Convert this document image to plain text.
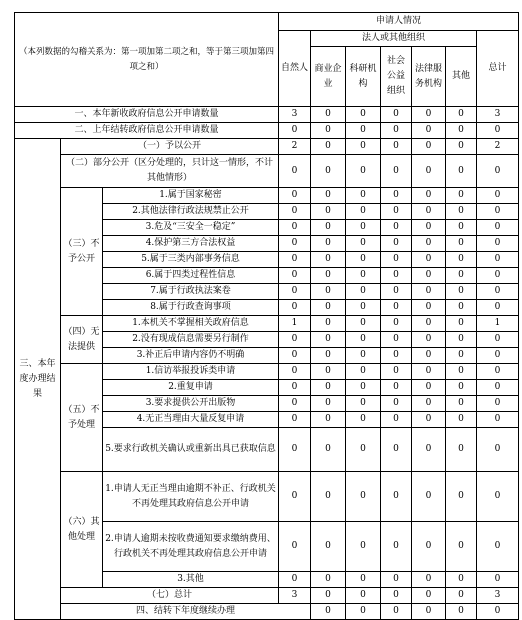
（本列数据的勾稽关系为：第一项加第二项之和，等于第三项加第四项之和）			申请人情况							
			自然人	法人或其他组织					总计	
				商业企业	科研机构	社会公益组织	法律服务机构	其他		
一、本年新收政府信息公开申请数量			3	0	0	0	0	0	3	
二、上年结转政府信息公开申请数量			0	0	0	0	0	0	0	
三、本年度办理结果	（一）予以公开		2	0	0	0	0	0	2	
	（二）部分公开（区分处理的，只计这一情形，不计其他情形）		0	0	0	0	0	0	0	
	（三）不予公开	1.属于国家秘密	0	0	0	0	0	0	0	
		2.其他法律行政法规禁止公开	0	0	0	0	0	0	0	
		3.危及“三安全一稳定”	0	0	0	0	0	0	0	
		4.保护第三方合法权益	0	0	0	0	0	0	0	
		5.属于三类内部事务信息	0	0	0	0	0	0	0	
		6.属于四类过程性信息	0	0	0	0	0	0	0	
		7.属于行政执法案卷	0	0	0	0	0	0	0	
		8.属于行政查询事项	0	0	0	0	0	0	0	
	（四）无法提供	1.本机关不掌握相关政府信息	1	0	0	0	0	0	1	
		2.没有现成信息需要另行制作	0	0	0	0	0	0	0	
		3.补正后申请内容仍不明确	0	0	0	0	0	0	0	
	（五）不予处理	1.信访举报投诉类申请	0	0	0	0	0	0	0	
		2.重复申请	0	0	0	0	0	0	0	
		3.要求提供公开出版物	0	0	0	0	0	0	0	
		4.无正当理由大量反复申请	0	0	0	0	0	0	0	
		5.要求行政机关确认或重新出具已获取信息	0	0	0	0	0	0	0	
	（六）其他处理	1.申请人无正当理由逾期不补正、行政机关不再处理其政府信息公开申请	0	0	0	0	0	0	0	
		2.申请人逾期未按收费通知要求缴纳费用、行政机关不再处理其政府信息公开申请	0	0	0	0	0	0	0	
		3.其他	0	0	0	0	0	0	0	
	（七）总计		3	0	0	0	0	0	3	
	四、结转下年度继续办理			0	0	0	0	0	0	
